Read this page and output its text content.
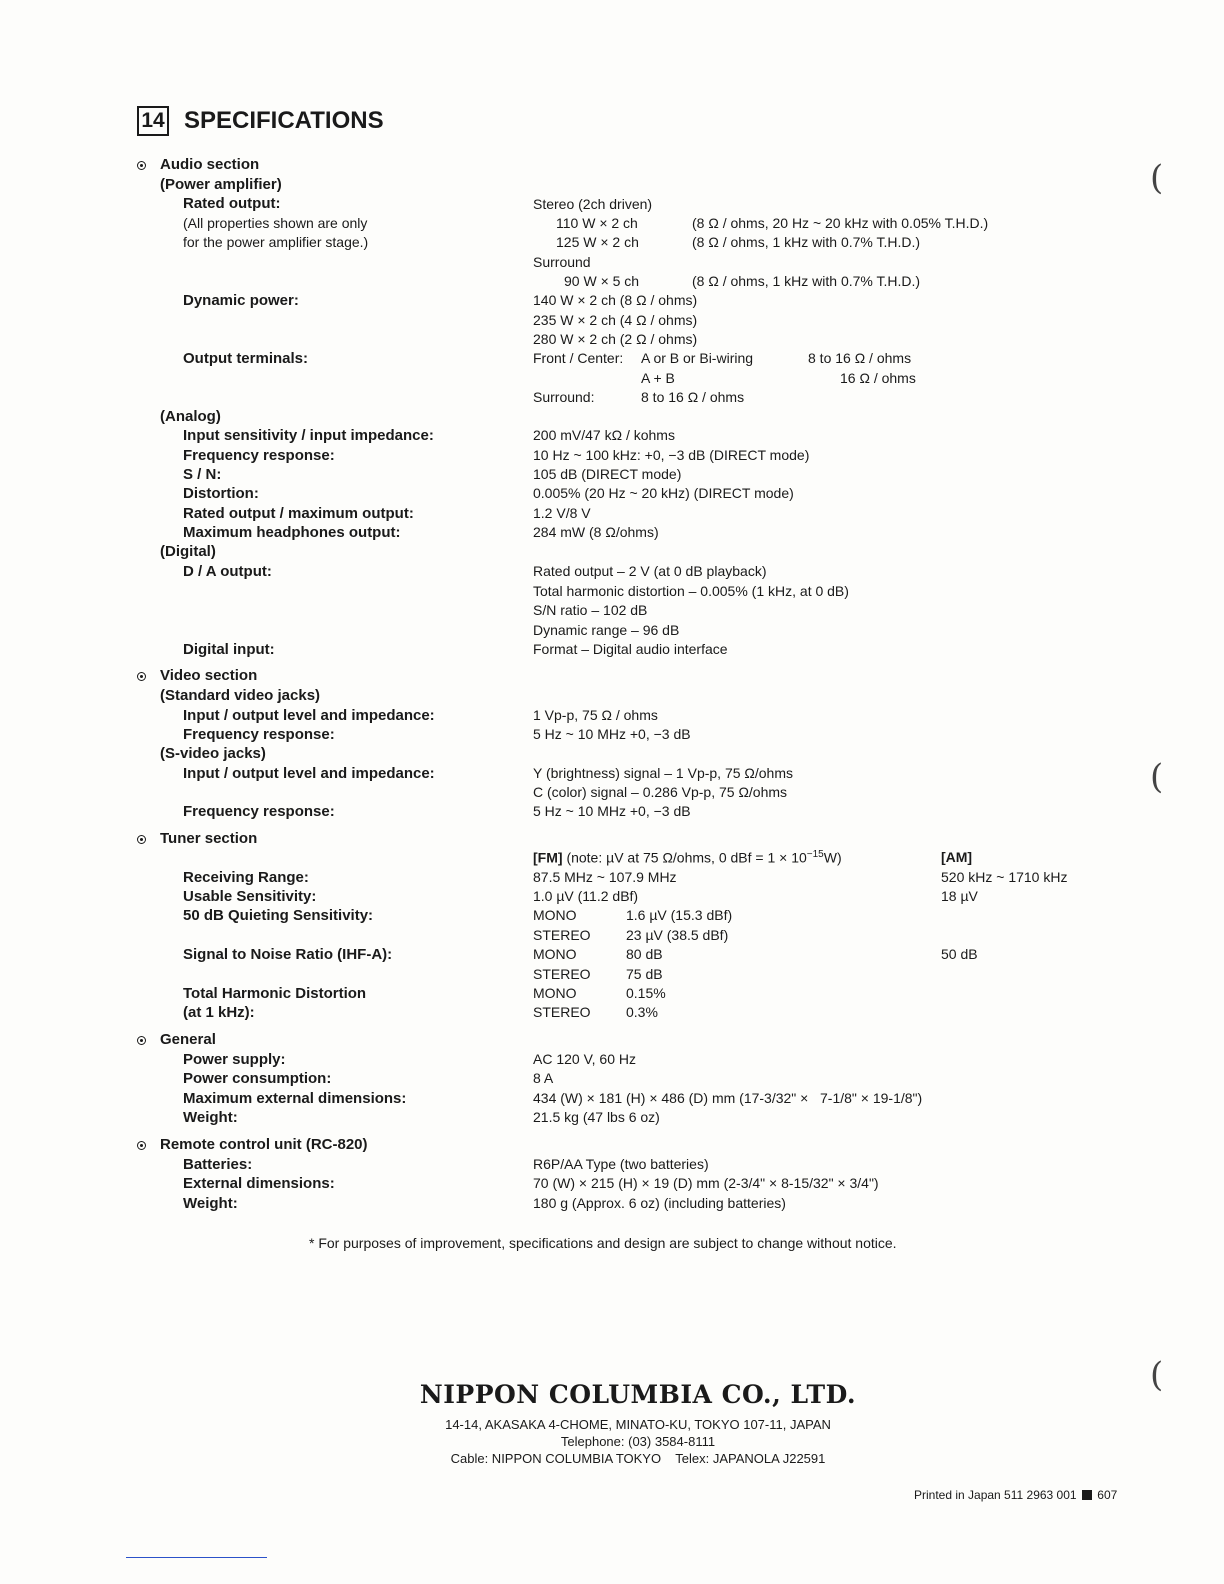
14 SPECIFICATIONS
Audio section
(Power amplifier)
Rated output:
(All properties shown are only
for the power amplifier stage.)
Stereo (2ch driven)
110 W × 2 ch	(8 Ω / ohms, 20 Hz ~ 20 kHz with 0.05% T.H.D.)
125 W × 2 ch	(8 Ω / ohms, 1 kHz with 0.7% T.H.D.)
Surround
90 W × 5 ch	(8 Ω / ohms, 1 kHz with 0.7% T.H.D.)
Dynamic power:	140 W × 2 ch (8 Ω / ohms)
235 W × 2 ch (4 Ω / ohms)
280 W × 2 ch (2 Ω / ohms)
Output terminals:	Front / Center: A or B or Bi-wiring	8 to 16 Ω / ohms
A + B	16 Ω / ohms
Surround:	8 to 16 Ω / ohms
(Analog)
Input sensitivity / input impedance:	200 mV/47 kΩ / kohms
Frequency response:	10 Hz ~ 100 kHz: +0, −3 dB (DIRECT mode)
S / N:	105 dB (DIRECT mode)
Distortion:	0.005% (20 Hz ~ 20 kHz) (DIRECT mode)
Rated output / maximum output:	1.2 V/8 V
Maximum headphones output:	284 mW (8 Ω/ohms)
(Digital)
D / A output:	Rated output – 2 V (at 0 dB playback)
Total harmonic distortion – 0.005% (1 kHz, at 0 dB)
S/N ratio – 102 dB
Dynamic range – 96 dB
Digital input:	Format – Digital audio interface
Video section
(Standard video jacks)
Input / output level and impedance:	1 Vp-p, 75 Ω / ohms
Frequency response:	5 Hz ~ 10 MHz +0, −3 dB
(S-video jacks)
Input / output level and impedance:	Y (brightness) signal – 1 Vp-p, 75 Ω/ohms
C (color) signal – 0.286 Vp-p, 75 Ω/ohms
Frequency response:	5 Hz ~ 10 MHz +0, −3 dB
Tuner section
[FM] (note: µV at 75 Ω/ohms, 0 dBf = $1 \times 10^{-15}W$)	[AM]
Receiving Range:	87.5 MHz ~ 107.9 MHz	520 kHz ~ 1710 kHz
Usable Sensitivity:	1.0 µV (11.2 dBf)	18 µV
50 dB Quieting Sensitivity:	MONO	1.6 µV (15.3 dBf)
STEREO	23 µV (38.5 dBf)
Signal to Noise Ratio (IHF-A):	MONO	80 dB	50 dB
STEREO	75 dB
Total Harmonic Distortion	MONO	0.15%
(at 1 kHz):	STEREO	0.3%
General
Power supply:	AC 120 V, 60 Hz
Power consumption:	8 A
Maximum external dimensions:	434 (W) × 181 (H) × 486 (D) mm (17-3/32" ×   7-1/8" × 19-1/8")
Weight:	21.5 kg (47 lbs 6 oz)
Remote control unit (RC-820)
Batteries:	R6P/AA Type (two batteries)
External dimensions:	70 (W) × 215 (H) × 19 (D) mm (2-3/4" × 8-15/32" × 3/4")
Weight:	180 g (Approx. 6 oz) (including batteries)
* For purposes of improvement, specifications and design are subject to change without notice.
NIPPON COLUMBIA CO., LTD.
14-14, AKASAKA 4-CHOME, MINATO-KU, TOKYO 107-11, JAPAN
Telephone: (03) 3584-8111
Cable: NIPPON COLUMBIA TOKYO    Telex: JAPANOLA J22591
Printed in Japan 511 2963 001 607
(
(
(
